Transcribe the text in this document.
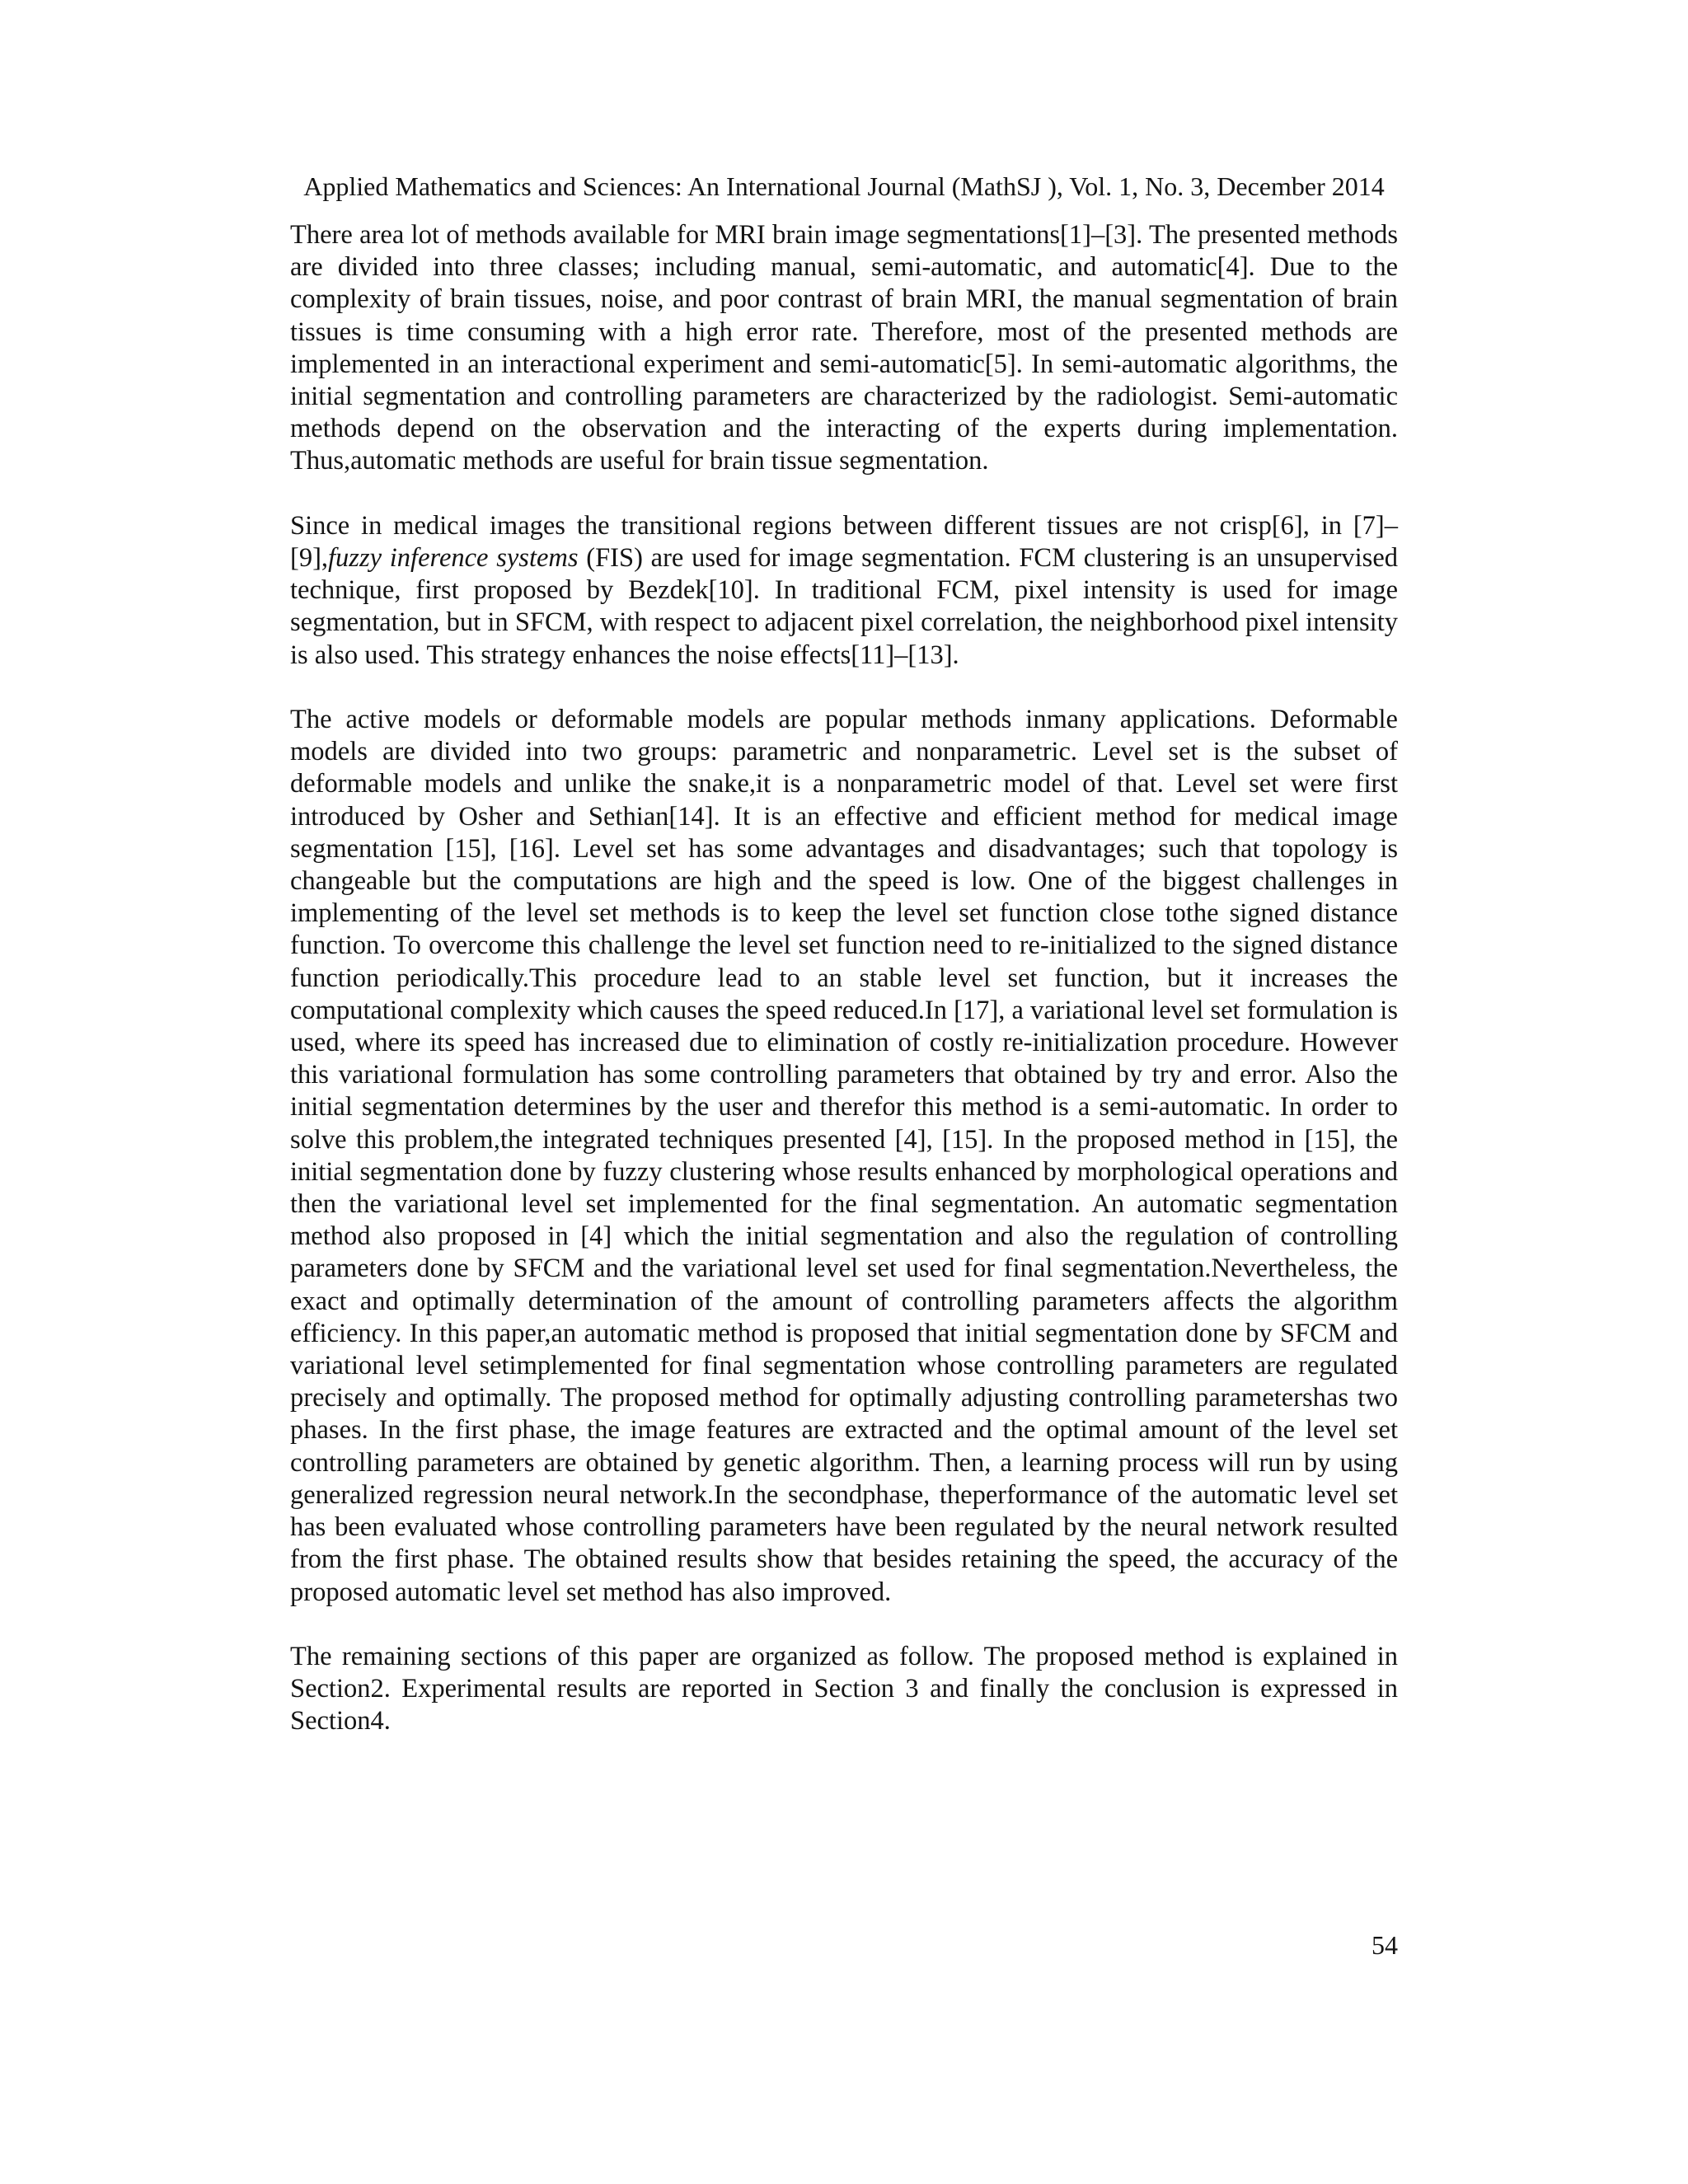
Applied Mathematics and Sciences: An International Journal (MathSJ ), Vol. 1, No. 3, December 2014

There area lot of methods available for MRI brain image segmentations[1]–[3]. The presented methods are divided into three classes; including manual, semi-automatic, and automatic[4]. Due to the complexity of brain tissues, noise, and poor contrast of brain MRI, the manual segmentation of brain tissues is time consuming with a high error rate. Therefore, most of the presented methods are implemented in an interactional experiment and semi-automatic[5]. In semi-automatic algorithms, the initial segmentation and controlling parameters are characterized by the radiologist. Semi-automatic methods depend on the observation and the interacting of the experts during implementation. Thus,automatic methods are useful for brain tissue segmentation.

Since in medical images the transitional regions between different tissues are not crisp[6], in [7]–[9],fuzzy inference systems (FIS) are used for image segmentation. FCM clustering is an unsupervised technique, first proposed by Bezdek[10]. In traditional FCM, pixel intensity is used for image segmentation, but in SFCM, with respect to adjacent pixel correlation, the neighborhood pixel intensity is also used. This strategy enhances the noise effects[11]–[13].

The active models or deformable models are popular methods inmany applications. Deformable models are divided into two groups: parametric and nonparametric. Level set is the subset of deformable models and unlike the snake,it is a nonparametric model of that. Level set were first introduced by Osher and Sethian[14]. It is an effective and efficient method for medical image segmentation [15], [16]. Level set has some advantages and disadvantages; such that topology is changeable but the computations are high and the speed is low. One of the biggest challenges in implementing of the level set methods is to keep the level set function close tothe signed distance function. To overcome this challenge the level set function need to re-initialized to the signed distance function periodically.This procedure lead to an stable level set function, but it increases the computational complexity which causes the speed reduced.In [17], a variational level set formulation is used, where its speed has increased due to elimination of costly re-initialization procedure. However this variational formulation has some controlling parameters that obtained by try and error. Also the initial segmentation determines by the user and therefor this method is a semi-automatic. In order to solve this problem,the integrated techniques presented [4], [15]. In the proposed method in [15], the initial segmentation done by fuzzy clustering whose results enhanced by morphological operations and then the variational level set implemented for the final segmentation. An automatic segmentation method also proposed in [4] which the initial segmentation and also the regulation of controlling parameters done by SFCM and the variational level set used for final segmentation.Nevertheless, the exact and optimally determination of the amount of controlling parameters affects the algorithm efficiency. In this paper,an automatic method is proposed that initial segmentation done by SFCM and variational level setimplemented for final segmentation whose controlling parameters are regulated precisely and optimally. The proposed method for optimally adjusting controlling parametershas two phases. In the first phase, the image features are extracted and the optimal amount of the level set controlling parameters are obtained by genetic algorithm. Then, a learning process will run by using generalized regression neural network.In the secondphase, theperformance of the automatic level set has been evaluated whose controlling parameters have been regulated by the neural network resulted from the first phase. The obtained results show that besides retaining the speed, the accuracy of the proposed automatic level set method has also improved.

The remaining sections of this paper are organized as follow. The proposed method is explained in Section2. Experimental results are reported in Section 3 and finally the conclusion is expressed in Section4.

54
